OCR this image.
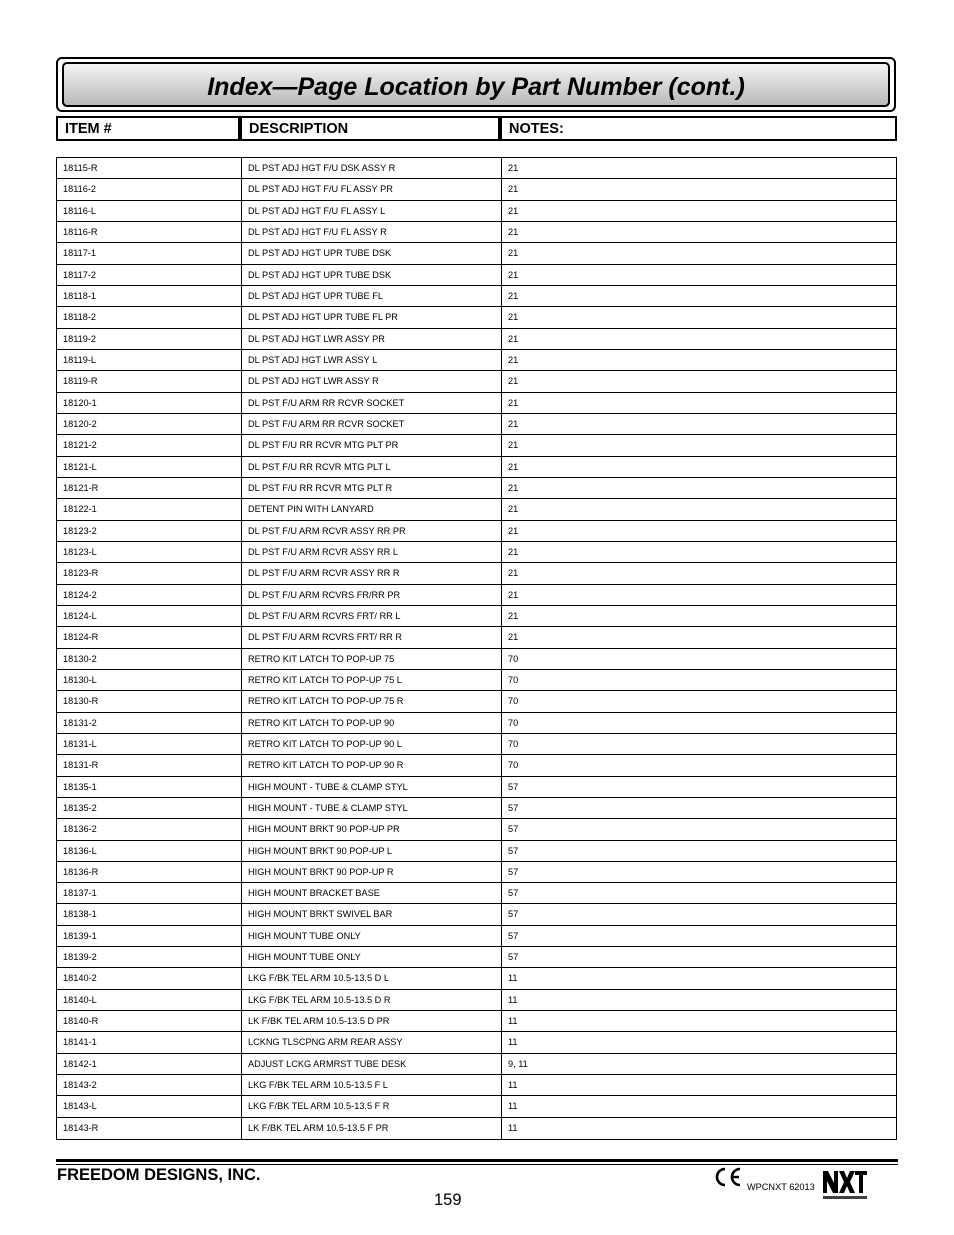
Index—Page Location by Part Number (cont.)
ITEM #	DESCRIPTION	NOTES:
18115-R	DL PST ADJ HGT F/U DSK ASSY R	21
18116-2	DL PST ADJ HGT F/U FL ASSY PR	21
18116-L	DL PST ADJ HGT F/U FL ASSY L	21
18116-R	DL PST ADJ HGT F/U FL ASSY R	21
18117-1	DL PST ADJ HGT UPR TUBE DSK	21
18117-2	DL PST ADJ HGT UPR TUBE DSK	21
18118-1	DL PST ADJ HGT UPR TUBE FL	21
18118-2	DL PST ADJ HGT UPR TUBE FL PR	21
18119-2	DL PST ADJ HGT LWR ASSY PR	21
18119-L	DL PST ADJ HGT LWR ASSY L	21
18119-R	DL PST ADJ HGT LWR ASSY R	21
18120-1	DL PST F/U ARM RR RCVR SOCKET	21
18120-2	DL PST F/U ARM RR RCVR SOCKET	21
18121-2	DL PST F/U RR RCVR MTG PLT PR	21
18121-L	DL PST F/U RR RCVR MTG PLT L	21
18121-R	DL PST F/U RR RCVR MTG PLT R	21
18122-1	DETENT PIN WITH LANYARD	21
18123-2	DL PST F/U ARM RCVR ASSY RR PR	21
18123-L	DL PST F/U ARM RCVR ASSY RR L	21
18123-R	DL PST F/U ARM RCVR ASSY RR R	21
18124-2	DL PST F/U ARM RCVRS FR/RR PR	21
18124-L	DL PST F/U ARM RCVRS FRT/ RR L	21
18124-R	DL PST F/U ARM RCVRS FRT/ RR R	21
18130-2	RETRO KIT LATCH TO POP-UP 75	70
18130-L	RETRO KIT LATCH TO POP-UP 75 L	70
18130-R	RETRO KIT LATCH TO POP-UP 75 R	70
18131-2	RETRO KIT LATCH TO POP-UP 90	70
18131-L	RETRO KIT LATCH TO POP-UP 90 L	70
18131-R	RETRO KIT LATCH TO POP-UP 90 R	70
18135-1	HIGH MOUNT - TUBE & CLAMP STYL	57
18135-2	HIGH MOUNT - TUBE & CLAMP STYL	57
18136-2	HIGH MOUNT BRKT 90 POP-UP PR	57
18136-L	HIGH MOUNT BRKT 90 POP-UP L	57
18136-R	HIGH MOUNT BRKT 90 POP-UP R	57
18137-1	HIGH MOUNT BRACKET BASE	57
18138-1	HIGH MOUNT BRKT SWIVEL BAR	57
18139-1	HIGH MOUNT TUBE ONLY	57
18139-2	HIGH MOUNT TUBE ONLY	57
18140-2	LKG F/BK TEL ARM 10.5-13.5 D L	11
18140-L	LKG F/BK TEL ARM 10.5-13.5 D R	11
18140-R	LK F/BK TEL ARM 10.5-13.5 D PR	11
18141-1	LCKNG TLSCPNG ARM REAR ASSY	11
18142-1	ADJUST LCKG ARMRST TUBE DESK	9, 11
18143-2	LKG F/BK TEL ARM 10.5-13.5 F L	11
18143-L	LKG F/BK TEL ARM 10.5-13.5 F R	11
18143-R	LK F/BK TEL ARM 10.5-13.5 F PR	11
FREEDOM DESIGNS, INC.
159
WPCNXT 62013
